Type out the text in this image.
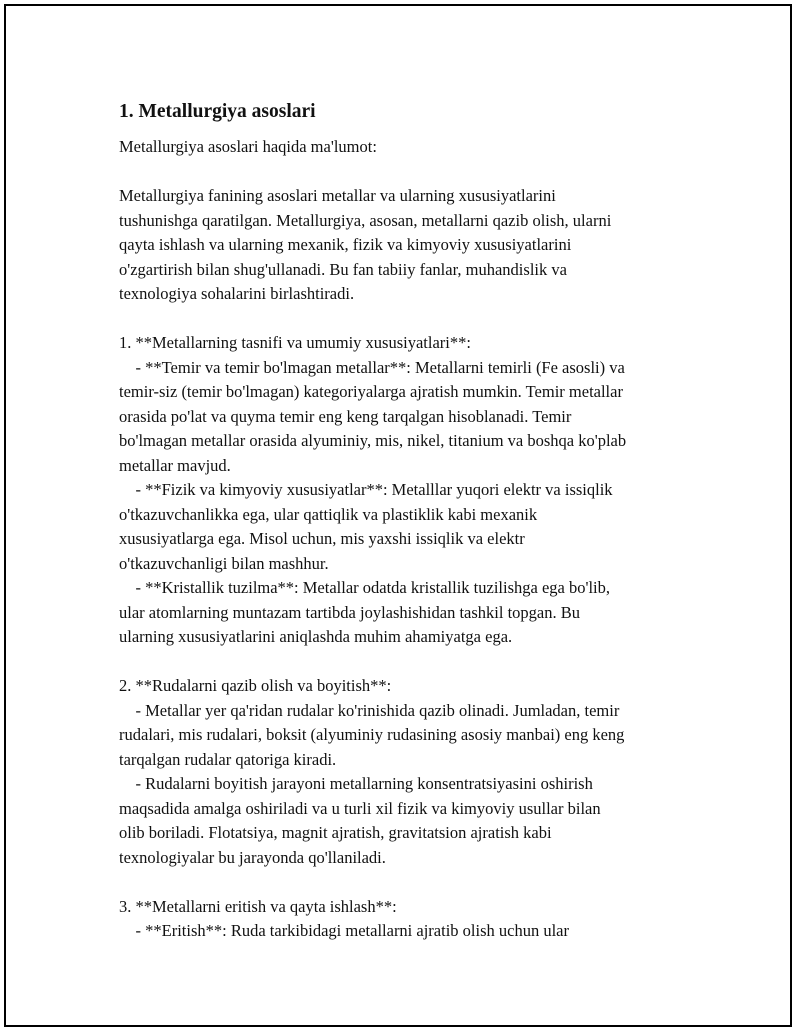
1. Metallurgiya asoslari

Metallurgiya asoslari haqida ma'lumot:

Metallurgiya fanining asoslari metallar va ularning xususiyatlarini
tushunishga qaratilgan. Metallurgiya, asosan, metallarni qazib olish, ularni
qayta ishlash va ularning mexanik, fizik va kimyoviy xususiyatlarini
o'zgartirish bilan shug'ullanadi. Bu fan tabiiy fanlar, muhandislik va
texnologiya sohalarini birlashtiradi.
1. **Metallarning tasnifi va umumiy xususiyatlari**:
- **Temir va temir bo'lmagan metallar**: Metallarni temirli (Fe asosli) va
temir-siz (temir bo'lmagan) kategoriyalarga ajratish mumkin. Temir metallar
orasida po'lat va quyma temir eng keng tarqalgan hisoblanadi. Temir
bo'lmagan metallar orasida alyuminiy, mis, nikel, titanium va boshqa ko'plab
metallar mavjud.
- **Fizik va kimyoviy xususiyatlar**: Metalllar yuqori elektr va issiqlik
o'tkazuvchanlikka ega, ular qattiqlik va plastiklik kabi mexanik
xususiyatlarga ega. Misol uchun, mis yaxshi issiqlik va elektr
o'tkazuvchanligi bilan mashhur.
- **Kristallik tuzilma**: Metallar odatda kristallik tuzilishga ega bo'lib,
ular atomlarning muntazam tartibda joylashishidan tashkil topgan. Bu
ularning xususiyatlarini aniqlashda muhim ahamiyatga ega.
2. **Rudalarni qazib olish va boyitish**:
- Metallar yer qa'ridan rudalar ko'rinishida qazib olinadi. Jumladan, temir
rudalari, mis rudalari, boksit (alyuminiy rudasining asosiy manbai) eng keng
tarqalgan rudalar qatoriga kiradi.
- Rudalarni boyitish jarayoni metallarning konsentratsiyasini oshirish
maqsadida amalga oshiriladi va u turli xil fizik va kimyoviy usullar bilan
olib boriladi. Flotatsiya, magnit ajratish, gravitatsion ajratish kabi
texnologiyalar bu jarayonda qo'llaniladi.
3. **Metallarni eritish va qayta ishlash**:
- **Eritish**: Ruda tarkibidagi metallarni ajratib olish uchun ular
